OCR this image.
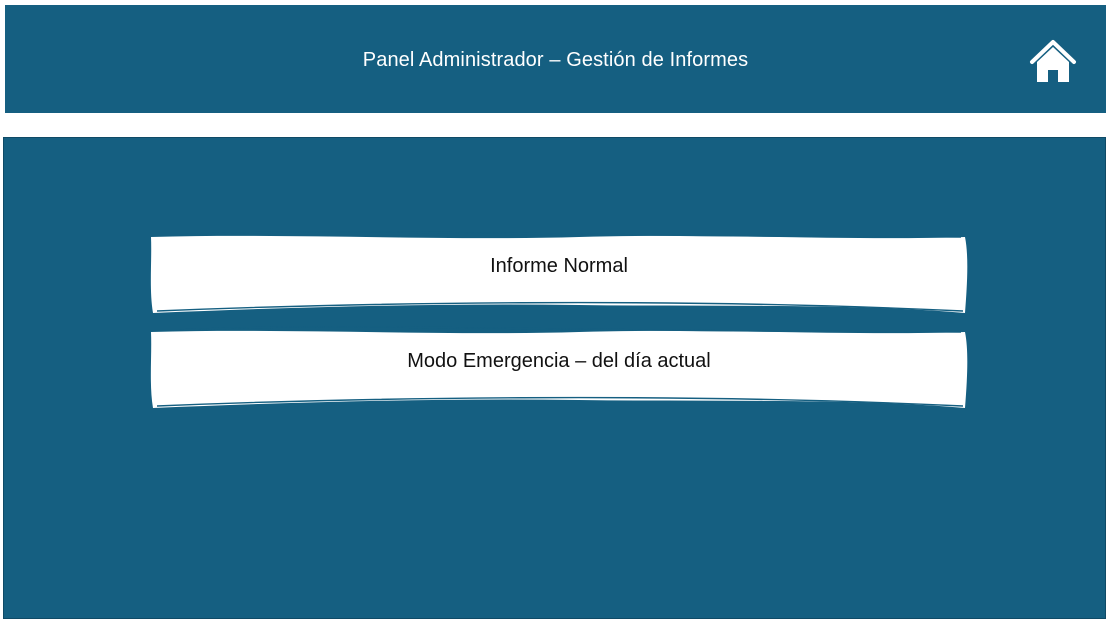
Panel Administrador – Gestión de Informes
Informe Normal
Modo Emergencia – del día actual
